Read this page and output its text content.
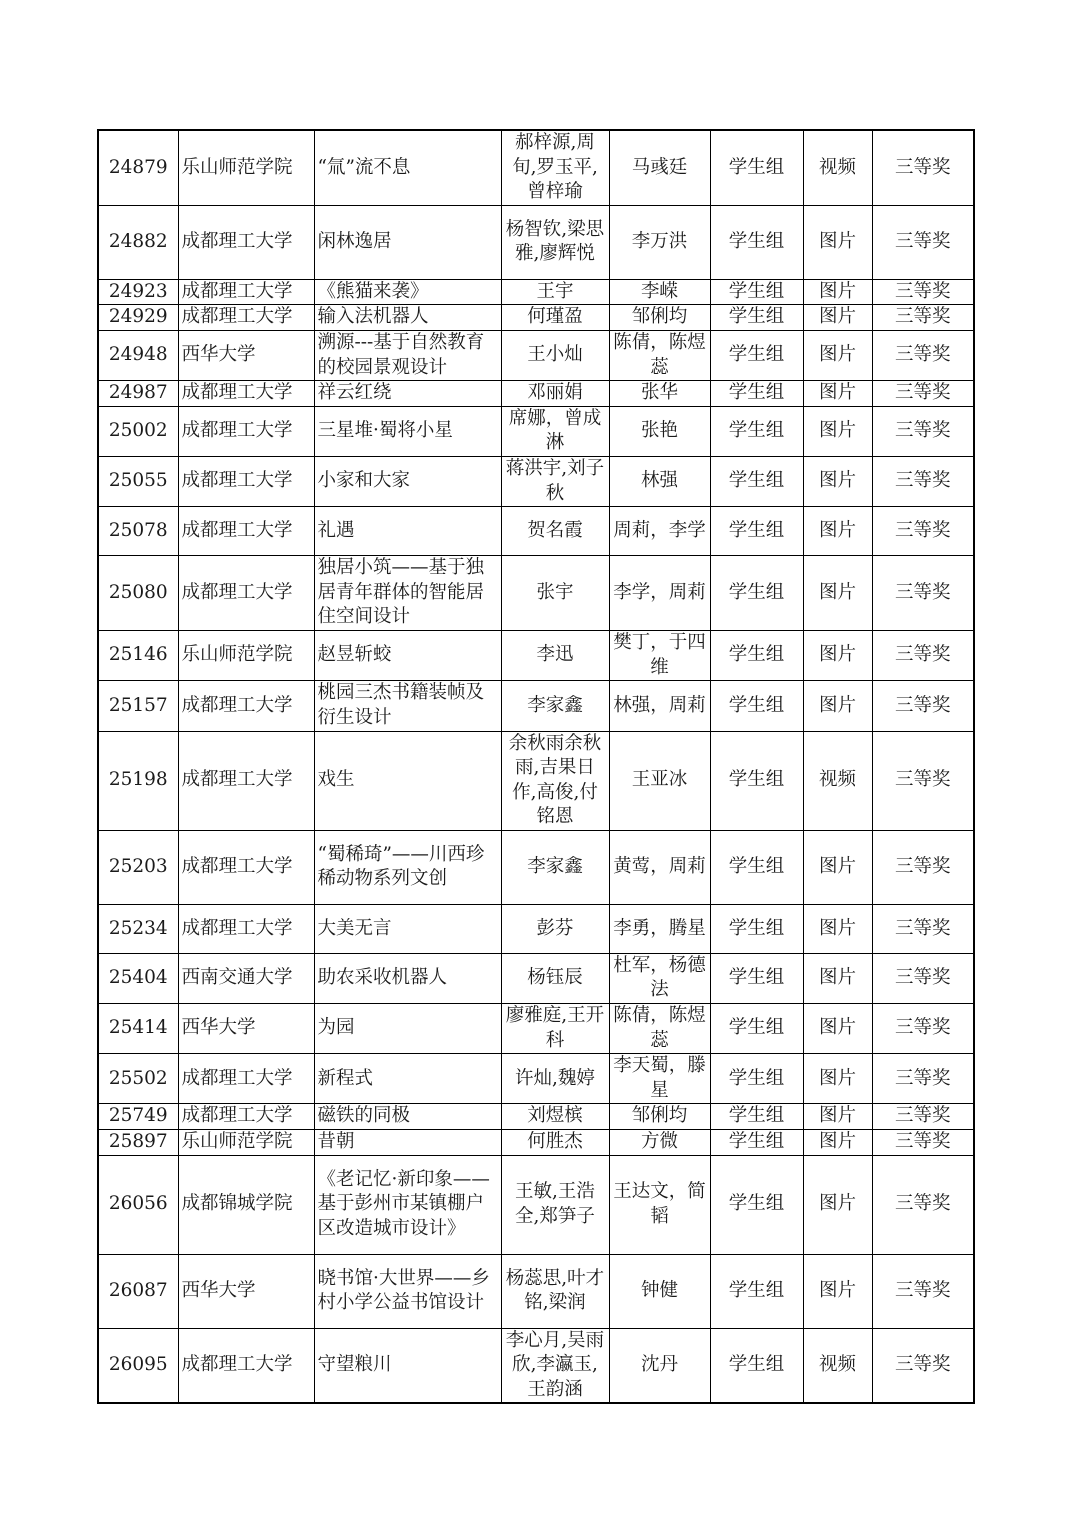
24879	乐山师范学院	“氚”流不息	郝梓源,周旬,罗玉平,曾梓瑜	马彧廷	学生组	视频	三等奖
24882	成都理工大学	闲林逸居	杨智钦,梁思雅,廖辉悦	李万洪	学生组	图片	三等奖
24923	成都理工大学	《熊猫来袭》	王宇	李嵘	学生组	图片	三等奖
24929	成都理工大学	输入法机器人	何瑾盈	邹俐均	学生组	图片	三等奖
24948	西华大学	溯源---基于自然教育的校园景观设计	王小灿	陈倩，陈煜蕊	学生组	图片	三等奖
24987	成都理工大学	祥云红绕	邓丽娟	张华	学生组	图片	三等奖
25002	成都理工大学	三星堆·蜀将小星	席娜，曾成淋	张艳	学生组	图片	三等奖
25055	成都理工大学	小家和大家	蒋洪宇,刘子秋	林强	学生组	图片	三等奖
25078	成都理工大学	礼遇	贺名霞	周莉，李学	学生组	图片	三等奖
25080	成都理工大学	独居小筑——基于独居青年群体的智能居住空间设计	张宇	李学，周莉	学生组	图片	三等奖
25146	乐山师范学院	赵昱斩蛟	李迅	樊丁，于四维	学生组	图片	三等奖
25157	成都理工大学	桃园三杰书籍装帧及衍生设计	李家鑫	林强，周莉	学生组	图片	三等奖
25198	成都理工大学	戏生	余秋雨余秋雨,吉果日作,高俊,付铭恩	王亚冰	学生组	视频	三等奖
25203	成都理工大学	“蜀稀琦”——川西珍稀动物系列文创	李家鑫	黄莺，周莉	学生组	图片	三等奖
25234	成都理工大学	大美无言	彭芬	李勇，腾星	学生组	图片	三等奖
25404	西南交通大学	助农采收机器人	杨钰辰	杜军，杨德法	学生组	图片	三等奖
25414	西华大学	为园	廖雅庭,王开科	陈倩，陈煜蕊	学生组	图片	三等奖
25502	成都理工大学	新程式	许灿,魏婷	李天蜀，滕星	学生组	图片	三等奖
25749	成都理工大学	磁铁的同极	刘煜槟	邹俐均	学生组	图片	三等奖
25897	乐山师范学院	昔朝	何胜杰	方微	学生组	图片	三等奖
26056	成都锦城学院	《老记忆·新印象——基于彭州市某镇棚户区改造城市设计》	王敏,王浩全,郑笋子	王达文，简韬	学生组	图片	三等奖
26087	西华大学	晓书馆·大世界——乡村小学公益书馆设计	杨蕊思,叶才铭,梁润	钟健	学生组	图片	三等奖
26095	成都理工大学	守望粮川	李心月,吴雨欣,李瀛玉,王韵涵	沈丹	学生组	视频	三等奖
